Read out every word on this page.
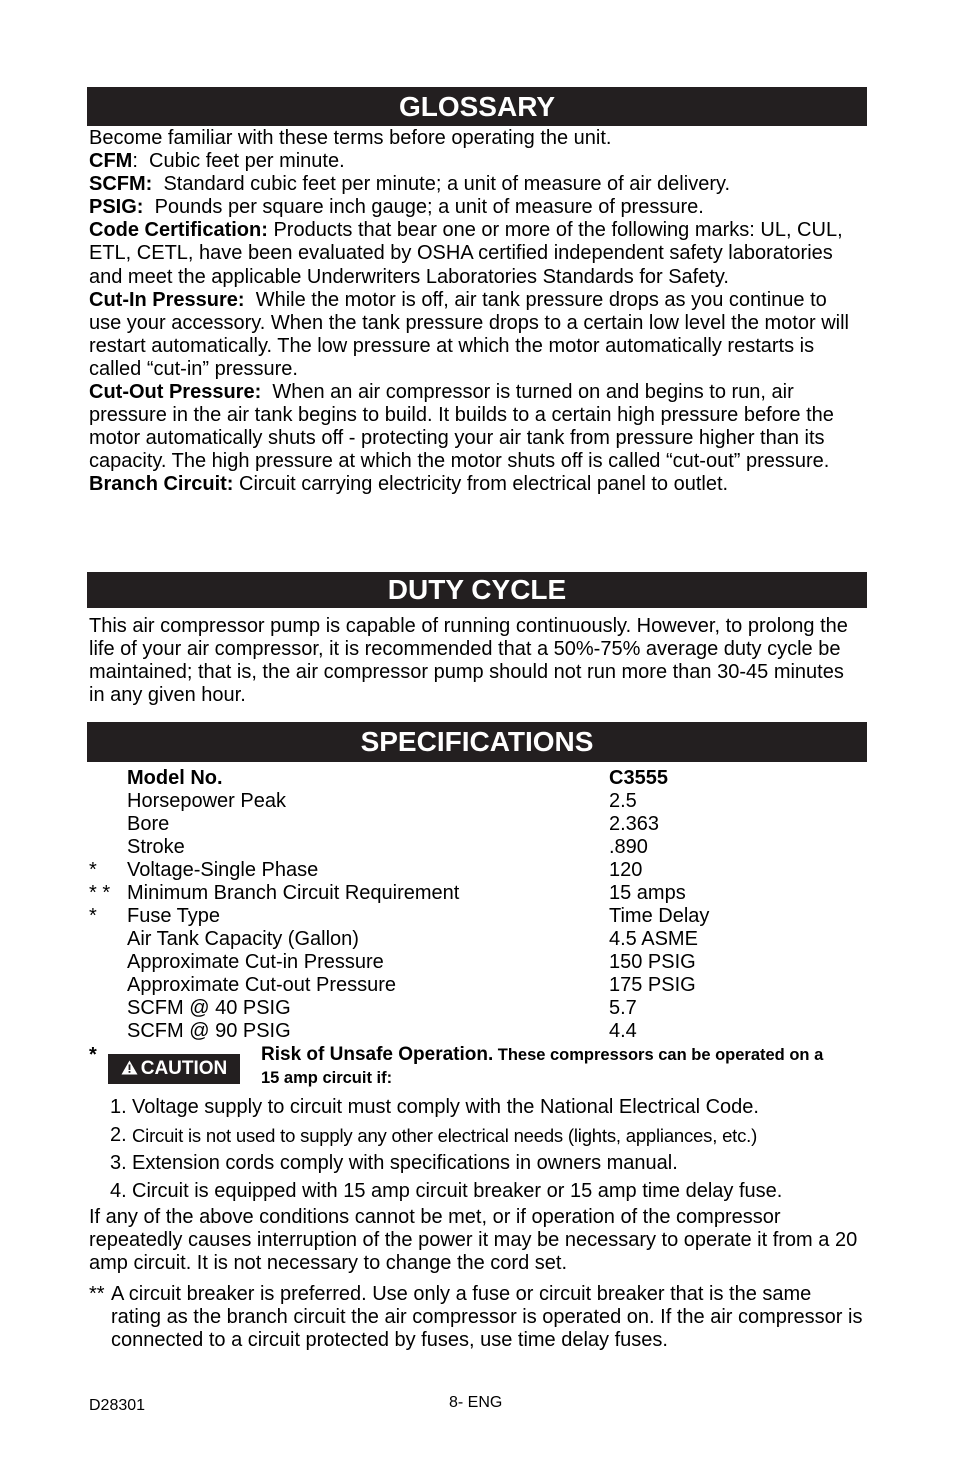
GLOSSARY

Become familiar with these terms before operating the unit.

CFM:  Cubic feet per minute.

SCFM: Standard cubic feet per minute; a unit of measure of air delivery.

PSIG: Pounds per square inch gauge; a unit of measure of pressure.

Code Certification: Products that bear one or more of the following marks: UL, CUL, ETL, CETL, have been evaluated by OSHA certified independent safety laboratories and meet the applicable Underwriters Laboratories Standards for Safety.

Cut-In Pressure: While the motor is off, air tank pressure drops as you continue to use your accessory. When the tank pressure drops to a certain low level the motor will restart automatically. The low pressure at which the motor automatically restarts is called “cut-in” pressure.

Cut-Out Pressure: When an air compressor is turned on and begins to run, air pressure in the air tank begins to build. It builds to a certain high pressure before the motor automatically shuts off - protecting your air tank from pressure higher than its capacity. The high pressure at which the motor shuts off is called “cut-out” pressure.

Branch Circuit: Circuit carrying electricity from electrical panel to outlet.

DUTY CYCLE

This air compressor pump is capable of running continuously. However, to prolong the life of your air compressor, it is recommended that a 50%-75% average duty cycle be maintained; that is, the air compressor pump should not run more than 30-45 minutes in any given hour.

SPECIFICATIONS
Model No.	C3555
Horsepower Peak	2.5
Bore	2.363
Stroke	.890
* Voltage-Single Phase	120
* * Minimum Branch Circuit Requirement	15 amps
* Fuse Type	Time Delay
Air Tank Capacity (Gallon)	4.5 ASME
Approximate Cut-in Pressure	150 PSIG
Approximate Cut-out Pressure	175 PSIG
SCFM @ 40 PSIG	5.7
SCFM @ 90 PSIG	4.4
*
CAUTION
Risk of Unsafe Operation. These compressors can be operated on a 15 amp circuit if:
1. Voltage supply to circuit must comply with the National Electrical Code.
2. Circuit is not used to supply any other electrical needs (lights, appliances, etc.)
3. Extension cords comply with specifications in owners manual.
4. Circuit is equipped with 15 amp circuit breaker or 15 amp time delay fuse.
If any of the above conditions cannot be met, or if operation of the compressor repeatedly causes interruption of the power it may be necessary to operate it from a 20 amp circuit. It is not necessary to change the cord set.
** A circuit breaker is preferred. Use only a fuse or circuit breaker that is the same rating as the branch circuit the air compressor is operated on. If the air compressor is connected to a circuit protected by fuses, use time delay fuses.
D28301	8- ENG
